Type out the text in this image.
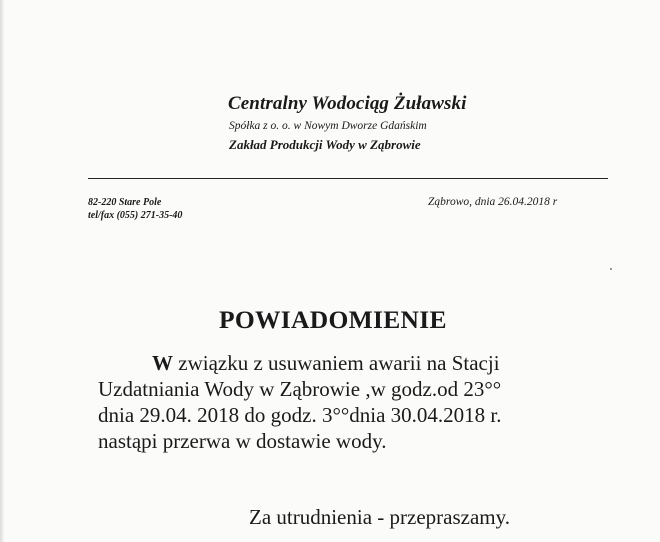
Centralny Wodociąg Żuławski
Spółka z o. o. w Nowym Dworze Gdańskim
Zakład Produkcji Wody w Ząbrowie
82-220 Stare Pole
tel/fax (055) 271-35-40
Ząbrowo, dnia 26.04.2018 r
POWIADOMIENIE
W związku z usuwaniem awarii na Stacji
Uzdatniania Wody w Ząbrowie ,w godz.od 23°°
dnia 29.04. 2018 do godz. 3°°dnia 30.04.2018 r.
nastąpi przerwa w dostawie wody.
Za utrudnienia - przepraszamy.
